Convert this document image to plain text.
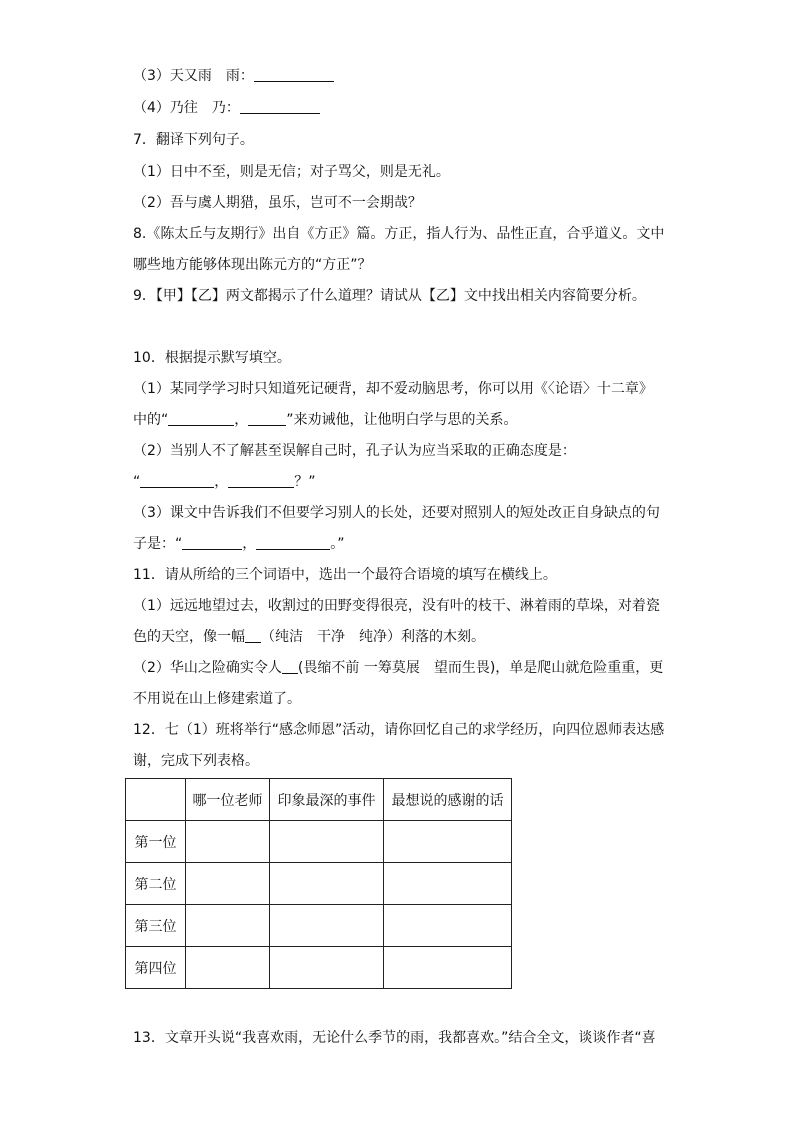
（3）天又雨　雨：
（4）乃往　乃：
7．翻译下列句子。
（1）日中不至，则是无信；对子骂父，则是无礼。
（2）吾与虞人期猎，虽乐，岂可不一会期哉？
8.《陈太丘与友期行》出自《方正》篇。方正，指人行为、品性正直，合乎道义。文中
哪些地方能够体现出陈元方的“方正”？
9．【甲】【乙】两文都揭示了什么道理？请试从【乙】文中找出相关内容简要分析。
10．根据提示默写填空。
（1）某同学学习时只知道死记硬背，却不爱动脑思考，你可以用《〈论语〉十二章》
中的“	，	”来劝诫他，让他明白学与思的关系。
（2）当别人不了解甚至误解自己时，孔子认为应当采取的正确态度是：
“	，	？”
（3）课文中告诉我们不但要学习别人的长处，还要对照别人的短处改正自身缺点的句
子是：“	，	。”
11．请从所给的三个词语中，选出一个最符合语境的填写在横线上。
（1）远远地望过去，收割过的田野变得很亮，没有叶的枝干、淋着雨的草垛，对着瓷
色的天空，像一幅 （纯洁　干净　纯净）利落的木刻。
（2）华山之险确实令人 (畏缩不前 一筹莫展　望而生畏)，单是爬山就危险重重，更
不用说在山上修建索道了。
12．七（1）班将举行“感念师恩”活动，请你回忆自己的求学经历，向四位恩师表达感
谢，完成下列表格。
	哪一位老师	印象最深的事件	最想说的感谢的话
第一位			
第二位			
第三位			
第四位			
13．文章开头说“我喜欢雨，无论什么季节的雨，我都喜欢。”结合全文，谈谈作者“喜
